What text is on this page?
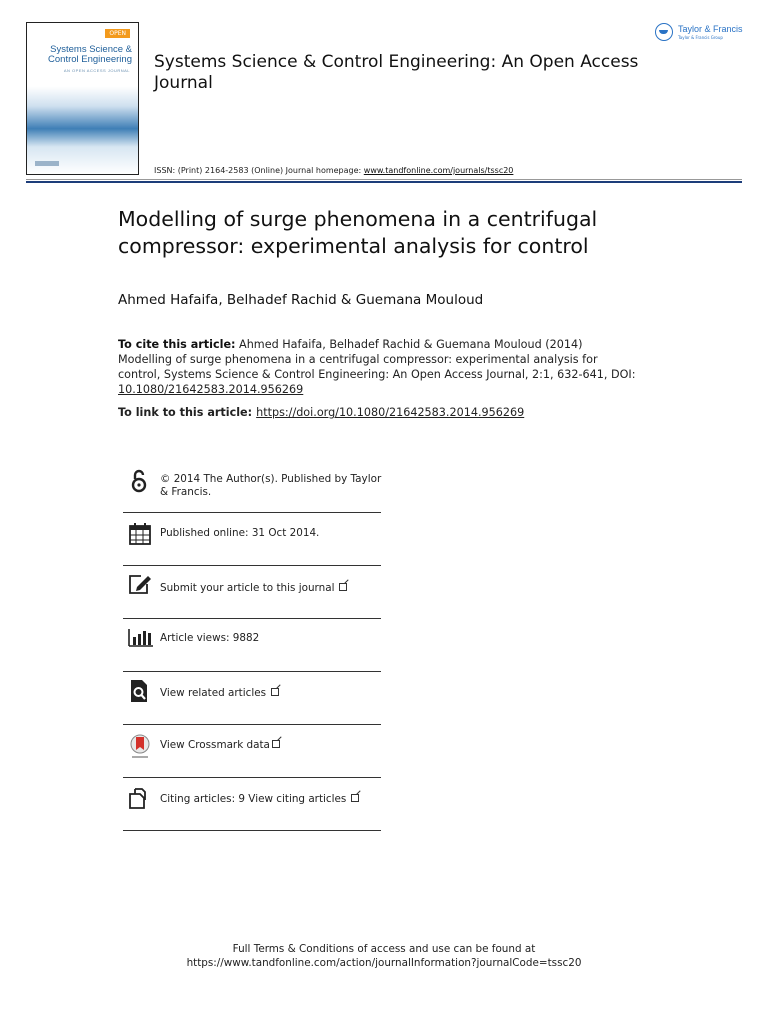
OPEN
Systems Science &
Control Engineering
AN OPEN ACCESS JOURNAL Systems Science & Control Engineering: An Open Access Journal
ISSN: (Print) 2164-2583 (Online) Journal homepage: www.tandfonline.com/journals/tssc20
Taylor & Francis
Taylor & Francis Group
Modelling of surge phenomena in a centrifugal compressor: experimental analysis for control
Ahmed Hafaifa, Belhadef Rachid & Guemana Mouloud
To cite this article: Ahmed Hafaifa, Belhadef Rachid & Guemana Mouloud (2014) Modelling of surge phenomena in a centrifugal compressor: experimental analysis for control, Systems Science & Control Engineering: An Open Access Journal, 2:1, 632-641, DOI: 10.1080/21642583.2014.956269
To link to this article: https://doi.org/10.1080/21642583.2014.956269
© 2014 The Author(s). Published by Taylor & Francis.
Published online: 31 Oct 2014.
Submit your article to this journal
Article views: 9882
View related articles
View Crossmark data
Citing articles: 9 View citing articles
Full Terms & Conditions of access and use can be found at
https://www.tandfonline.com/action/journalInformation?journalCode=tssc20
